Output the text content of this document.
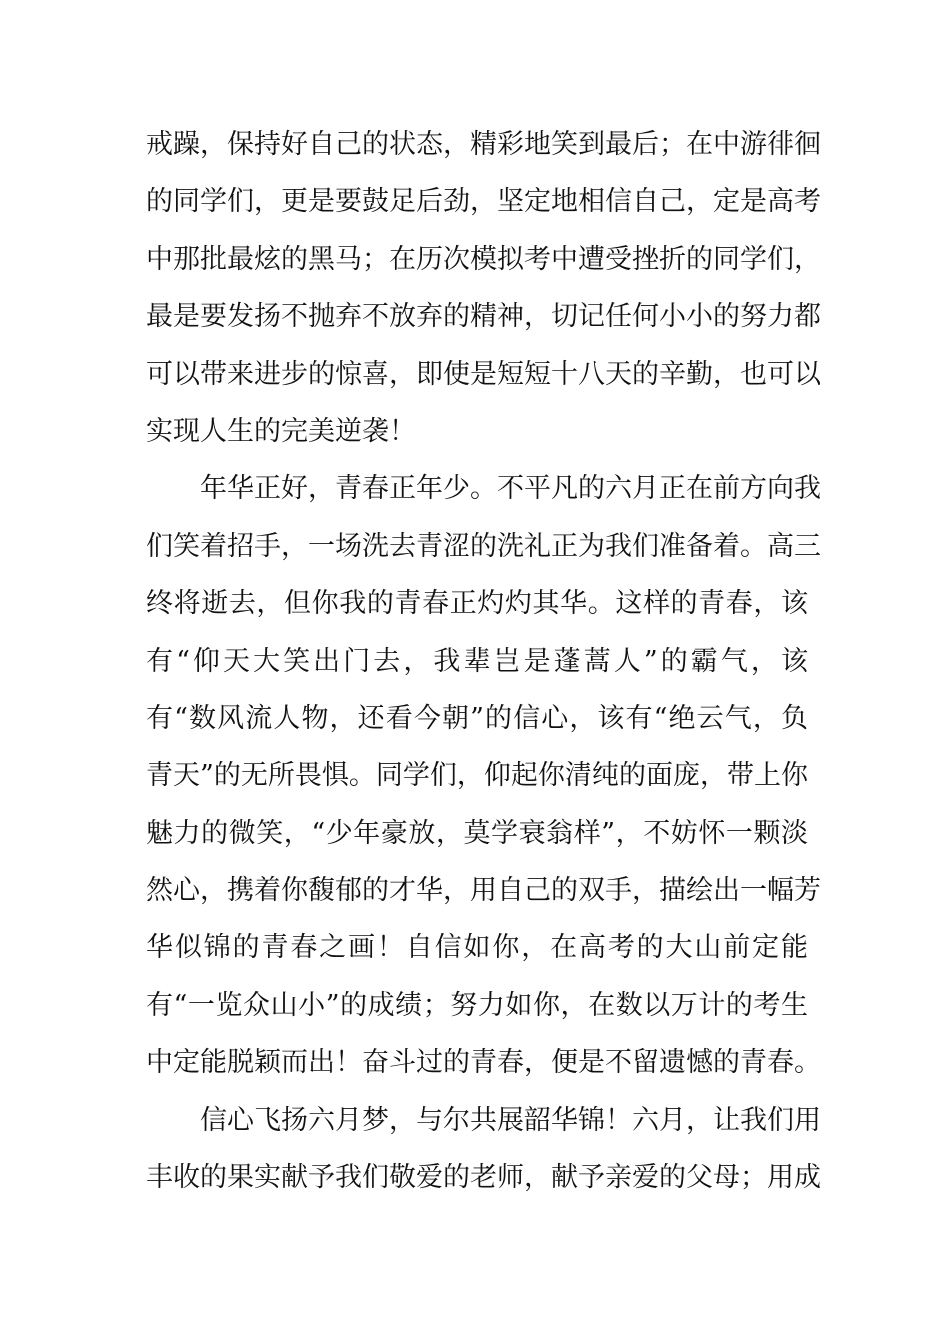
戒躁，保持好自己的状态，精彩地笑到最后；在中游徘徊
的同学们，更是要鼓足后劲，坚定地相信自己，定是高考
中那批最炫的黑马；在历次模拟考中遭受挫折的同学们，
最是要发扬不抛弃不放弃的精神，切记任何小小的努力都
可以带来进步的惊喜，即使是短短十八天的辛勤，也可以
实现人生的完美逆袭！
年华正好，青春正年少。不平凡的六月正在前方向我
们笑着招手，一场洗去青涩的洗礼正为我们准备着。高三
终将逝去，但你我的青春正灼灼其华。这样的青春，该
有“仰天大笑出门去，我辈岂是蓬蒿人”的霸气，该
有“数风流人物，还看今朝”的信心，该有“绝云气，负
青天”的无所畏惧。同学们，仰起你清纯的面庞，带上你
魅力的微笑，“少年豪放，莫学衰翁样”，不妨怀一颗淡
然心，携着你馥郁的才华，用自己的双手，描绘出一幅芳
华似锦的青春之画！自信如你，在高考的大山前定能
有“一览众山小”的成绩；努力如你，在数以万计的考生
中定能脱颖而出！奋斗过的青春，便是不留遗憾的青春。
信心飞扬六月梦，与尔共展韶华锦！六月，让我们用
丰收的果实献予我们敬爱的老师，献予亲爱的父母；用成
